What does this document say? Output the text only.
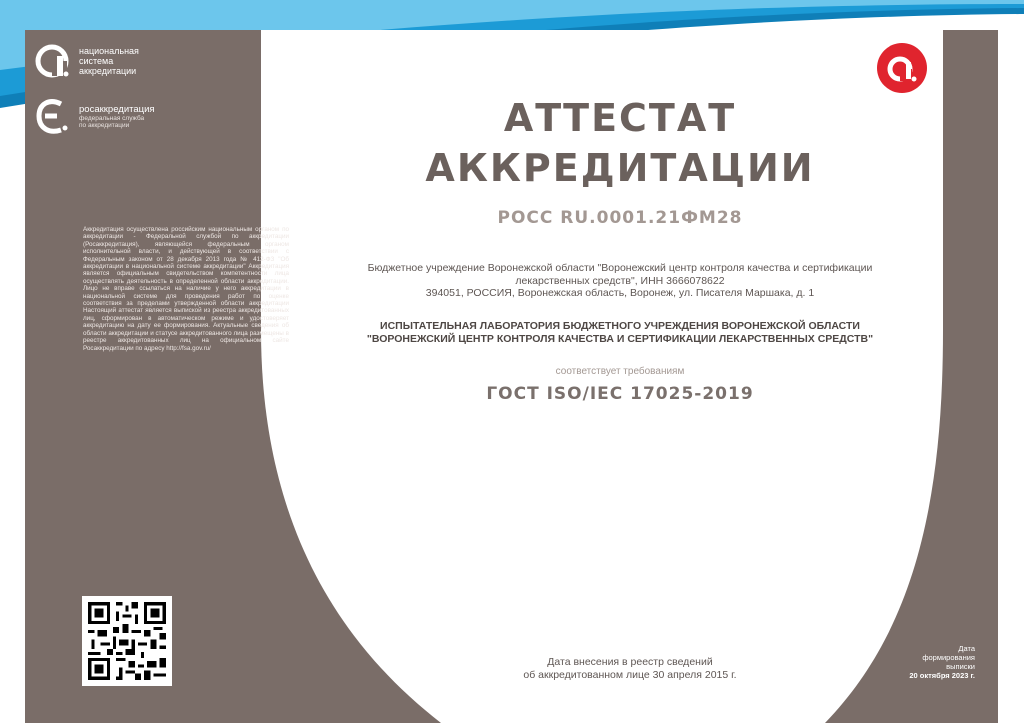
национальная
система
аккредитации
росаккредитация
федеральная служба
по аккредитации
Аккредитация осуществлена российским национальным органом по аккредитации - Федеральной службой по аккредитации (Росаккредитация), являющейся федеральным органом исполнительной власти, и действующей в соответствии с Федеральным законом от 28 декабря 2013 года № 412-ФЗ "Об аккредитации в национальной системе аккредитации" Аккредитация является официальным свидетельством компетентности лица осуществлять деятельность в определенной области аккредитации. Лицо не вправе ссылаться на наличие у него аккредитации в национальной системе для проведения работ по оценке соответствия за пределами утвержденной области аккредитации Настоящий аттестат является выпиской из реестра аккредитованных лиц, сформирован в автоматическом режиме и удостоверяет аккредитацию на дату ее формирования. Актуальные сведения об области аккредитации и статусе аккредитованного лица размещены в реестре аккредитованных лиц на официальном сайте Росаккредитации по адресу http://fsa.gov.ru/
АТТЕСТАТ
АККРЕДИТАЦИИ
РОСС RU.0001.21ФМ28
Бюджетное учреждение Воронежской области "Воронежский центр контроля качества и сертификации
лекарственных средств", ИНН 3666078622
394051, РОССИЯ, Воронежская область, Воронеж, ул. Писателя Маршака, д. 1
ИСПЫТАТЕЛЬНАЯ ЛАБОРАТОРИЯ БЮДЖЕТНОГО УЧРЕЖДЕНИЯ ВОРОНЕЖСКОЙ ОБЛАСТИ
"ВОРОНЕЖСКИЙ ЦЕНТР КОНТРОЛЯ КАЧЕСТВА И СЕРТИФИКАЦИИ ЛЕКАРСТВЕННЫХ СРЕДСТВ"
соответствует требованиям
ГОСТ ISO/IEC 17025-2019
Дата внесения в реестр сведений
об аккредитованном лице 30 апреля 2015 г.
Дата
формирования
выписки
20 октября 2023 г.
